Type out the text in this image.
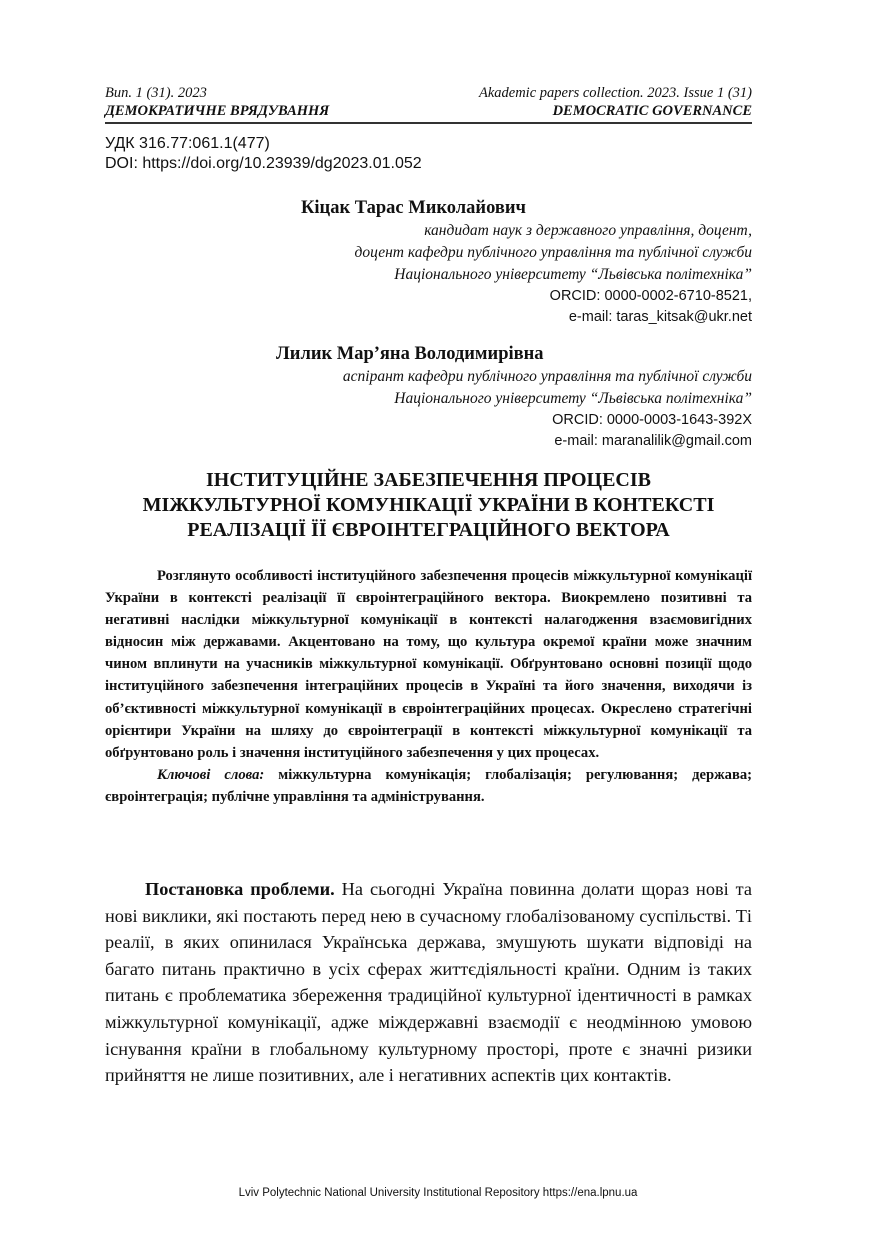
Вип. 1 (31). 2023
ДЕМОКРАТИЧНЕ ВРЯДУВАННЯ
Akademic papers collection. 2023. Issue 1 (31)
DEMOCRATIC GOVERNANCE
УДК 316.77:061.1(477)
DOI: https://doi.org/10.23939/dg2023.01.052
Кіцак Тарас Миколайович
кандидат наук з державного управління, доцент,
доцент кафедри публічного управління та публічної служби
Національного університету “Львівська політехніка”
ORCID: 0000-0002-6710-8521,
e-mail: taras_kitsak@ukr.net
Лилик Мар’яна Володимирівна
аспірант кафедри публічного управління та публічної служби
Національного університету “Львівська політехніка”
ORCID: 0000-0003-1643-392X
e-mail: maranalilik@gmail.com
ІНСТИТУЦІЙНЕ ЗАБЕЗПЕЧЕННЯ ПРОЦЕСІВ
МІЖКУЛЬТУРНОЇ КОМУНІКАЦІЇ УКРАЇНИ В КОНТЕКСТІ
РЕАЛІЗАЦІЇ ЇЇ ЄВРОІНТЕГРАЦІЙНОГО ВЕКТОРА

Розглянуто особливості інституційного забезпечення процесів міжкультурної комунікації України в контексті реалізації її євроінтеграційного вектора. Виокремлено позитивні та негативні наслідки міжкультурної комунікації в контексті налагодження взаємовигідних відносин між державами. Акцентовано на тому, що культура окремої країни може значним чином вплинути на учасників міжкультурної комунікації. Обґрунтовано основні позиції щодо інституційного забезпечення інтеграційних процесів в Україні та його значення, виходячи із об’єктивності міжкультурної комунікації в євроінтеграційних процесах. Окреслено стратегічні орієнтири України на шляху до євроінтеграції в контексті міжкультурної комунікації та обґрунтовано роль і значення інституційного забезпечення у цих процесах.

Ключові слова: міжкультурна комунікація; глобалізація; регулювання; держава; євроінтеграція; публічне управління та адміністрування.

Постановка проблеми. На сьогодні Україна повинна долати щораз нові та нові виклики, які постають перед нею в сучасному глобалізованому суспільстві. Ті реалії, в яких опинилася Українська держава, змушують шукати відповіді на багато питань практично в усіх сферах життєдіяльності країни. Одним із таких питань є проблематика збереження традиційної культурної ідентичності в рамках міжкультурної комунікації, адже міждержавні взаємодії є неодмінною умовою існування країни в глобальному культурному просторі, проте є значні ризики прийняття не лише позитивних, але і негативних аспектів цих контактів.

Lviv Polytechnic National University Institutional Repository https://ena.lpnu.ua
